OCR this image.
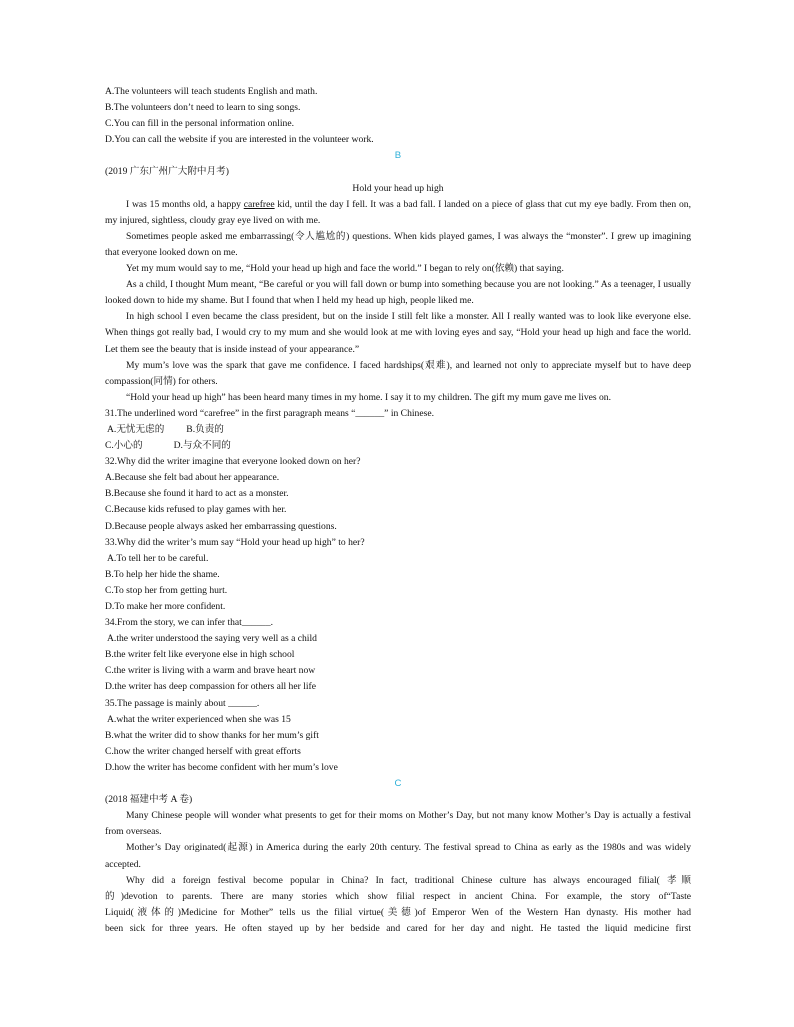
A.The volunteers will teach students English and math.
B.The volunteers don’t need to learn to sing songs.
C.You can fill in the personal information online.
D.You can call the website if you are interested in the volunteer work.
B
(2019 广东广州广大附中月考)
Hold your head up high
I was 15 months old, a happy carefree kid, until the day I fell. It was a bad fall. I landed on a piece of glass that cut my eye badly. From then on, my injured, sightless, cloudy gray eye lived on with me.
Sometimes people asked me embarrassing(令人尴尬的) questions. When kids played games, I was always the “monster”. I grew up imagining that everyone looked down on me.
Yet my mum would say to me, “Hold your head up high and face the world.” I began to rely on(依赖) that saying.
As a child, I thought Mum meant, “Be careful or you will fall down or bump into something because you are not looking.” As a teenager, I usually looked down to hide my shame. But I found that when I held my head up high, people liked me.
In high school I even became the class president, but on the inside I still felt like a monster. All I really wanted was to look like everyone else. When things got really bad, I would cry to my mum and she would look at me with loving eyes and say, “Hold your head up high and face the world. Let them see the beauty that is inside instead of your appearance.”
My mum’s love was the spark that gave me confidence. I faced hardships(艰难), and learned not only to appreciate myself but to have deep compassion(同情) for others.
“Hold your head up high” has been heard many times in my home. I say it to my children. The gift my mum gave me lives on.
31.The underlined word “carefree” in the first paragraph means “______” in Chinese.
A.无忧无虑的 B.负责的
C.小心的	D.与众不同的
32.Why did the writer imagine that everyone looked down on her?
A.Because she felt bad about her appearance.
B.Because she found it hard to act as a monster.
C.Because kids refused to play games with her.
D.Because people always asked her embarrassing questions.
33.Why did the writer’s mum say “Hold your head up high” to her?
A.To tell her to be careful.
B.To help her hide the shame.
C.To stop her from getting hurt.
D.To make her more confident.
34.From the story, we can infer that______.
A.the writer understood the saying very well as a child
B.the writer felt like everyone else in high school
C.the writer is living with a warm and brave heart now
D.the writer has deep compassion for others all her life
35.The passage is mainly about ______.
A.what the writer experienced when she was 15
B.what the writer did to show thanks for her mum’s gift
C.how the writer changed herself with great efforts
D.how the writer has become confident with her mum’s love
C
(2018 福建中考 A 卷)
Many Chinese people will wonder what presents to get for their moms on Mother’s Day, but not many know Mother’s Day is actually a festival from overseas.
Mother’s Day originated(起源) in America during the early 20th century. The festival spread to China as early as the 1980s and was widely accepted.
Why did a foreign festival become popular in China? In fact, traditional Chinese culture has always encouraged filial( 孝顺
的)devotion to parents. There are many stories which show filial respect in ancient China. For example, the story of“Taste
Liquid(液体的)Medicine for Mother” tells us the filial virtue(美德)of Emperor Wen of the Western Han dynasty. His mother had
been sick for three years. He often stayed up by her bedside and cared for her day and night. He tasted the liquid medicine first
